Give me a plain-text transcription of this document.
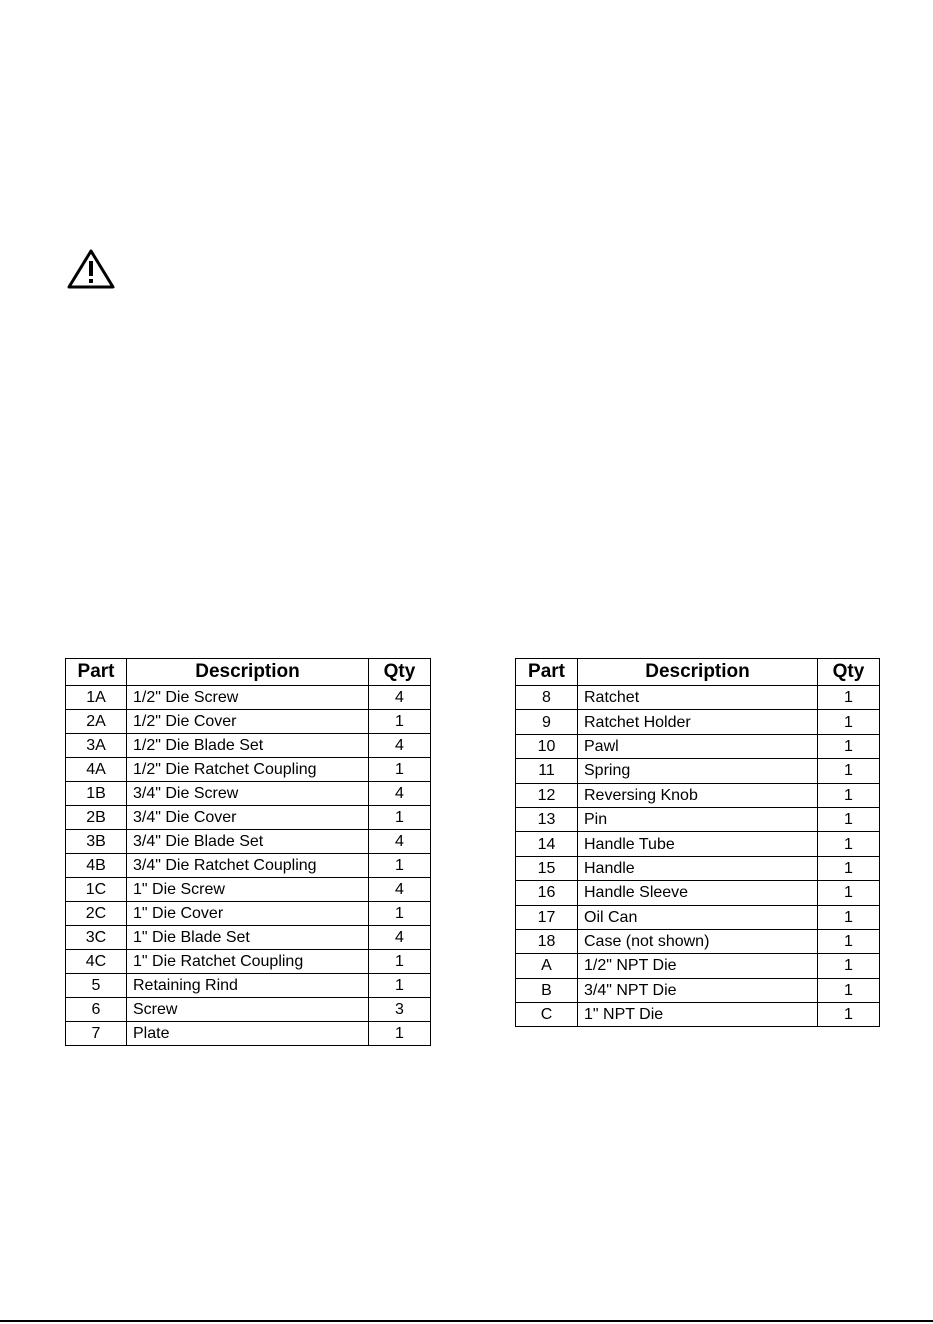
Part	Description	Qty
1A	1/2" Die Screw	4
2A	1/2" Die Cover	1
3A	1/2" Die Blade Set	4
4A	1/2" Die Ratchet Coupling	1
1B	3/4" Die Screw	4
2B	3/4" Die Cover	1
3B	3/4" Die Blade Set	4
4B	3/4" Die Ratchet Coupling	1
1C	1" Die Screw	4
2C	1" Die Cover	1
3C	1" Die Blade Set	4
4C	1" Die Ratchet Coupling	1
5	Retaining Rind	1
6	Screw	3
7	Plate	1
Part	Description	Qty
8	Ratchet	1
9	Ratchet Holder	1
10	Pawl	1
11	Spring	1
12	Reversing Knob	1
13	Pin	1
14	Handle Tube	1
15	Handle	1
16	Handle Sleeve	1
17	Oil Can	1
18	Case (not shown)	1
A	1/2" NPT Die	1
B	3/4" NPT Die	1
C	1" NPT Die	1
